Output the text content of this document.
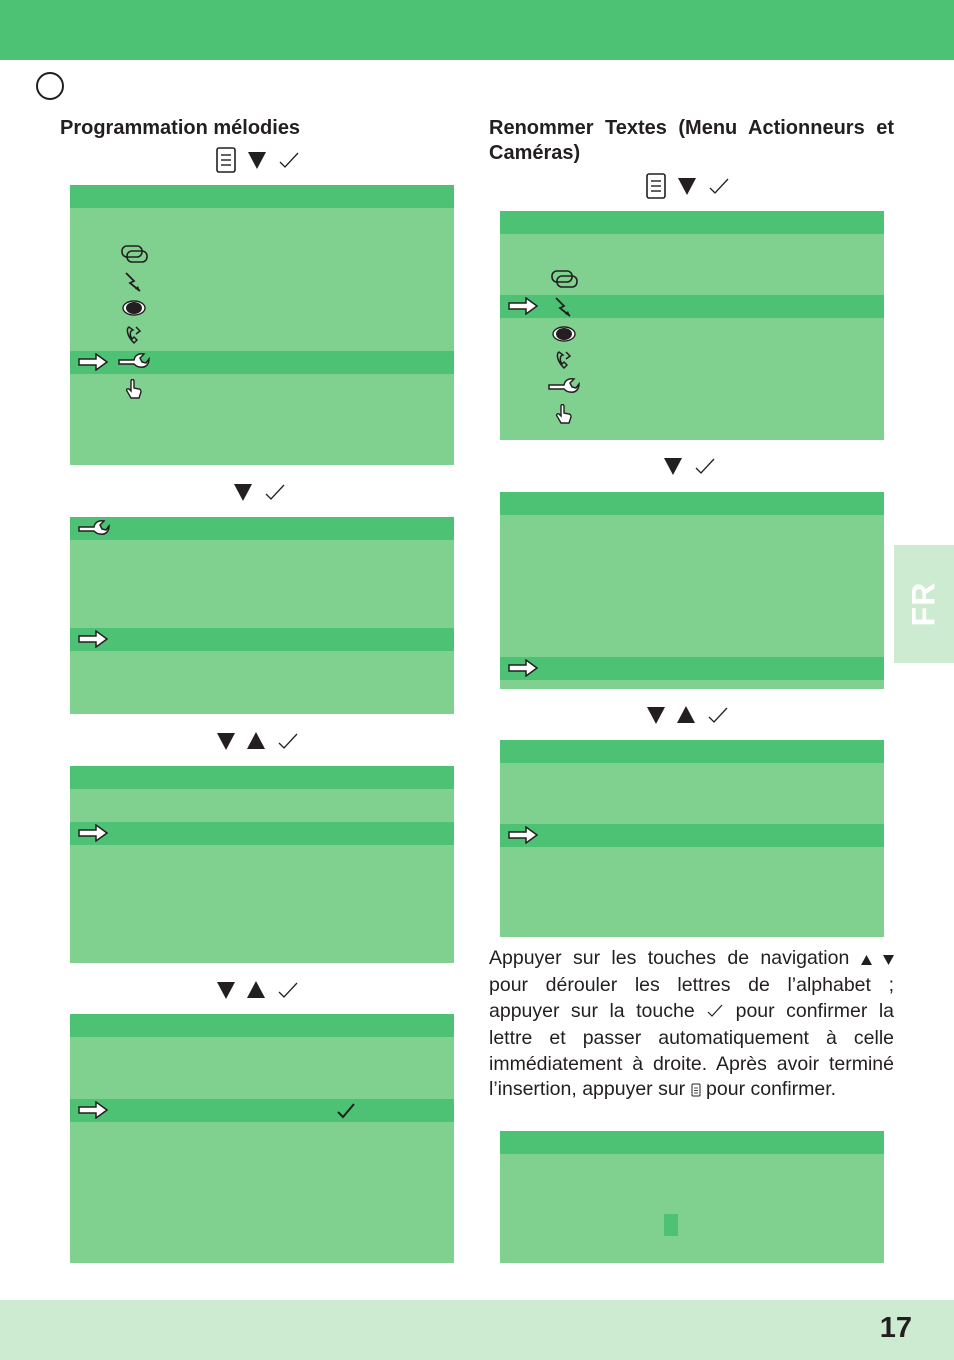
17
FR
Programmation mélodies	Renommer Textes (Menu Actionneurs et Caméras)
Appuyer sur les touches de navigation   pour dérouler les lettres de l’alphabet ; appuyer sur la touche pour confirmer la lettre et passer automatiquement à celle immédiatement à droite. Après avoir terminé l’insertion, appuyer sur pour confirmer.
